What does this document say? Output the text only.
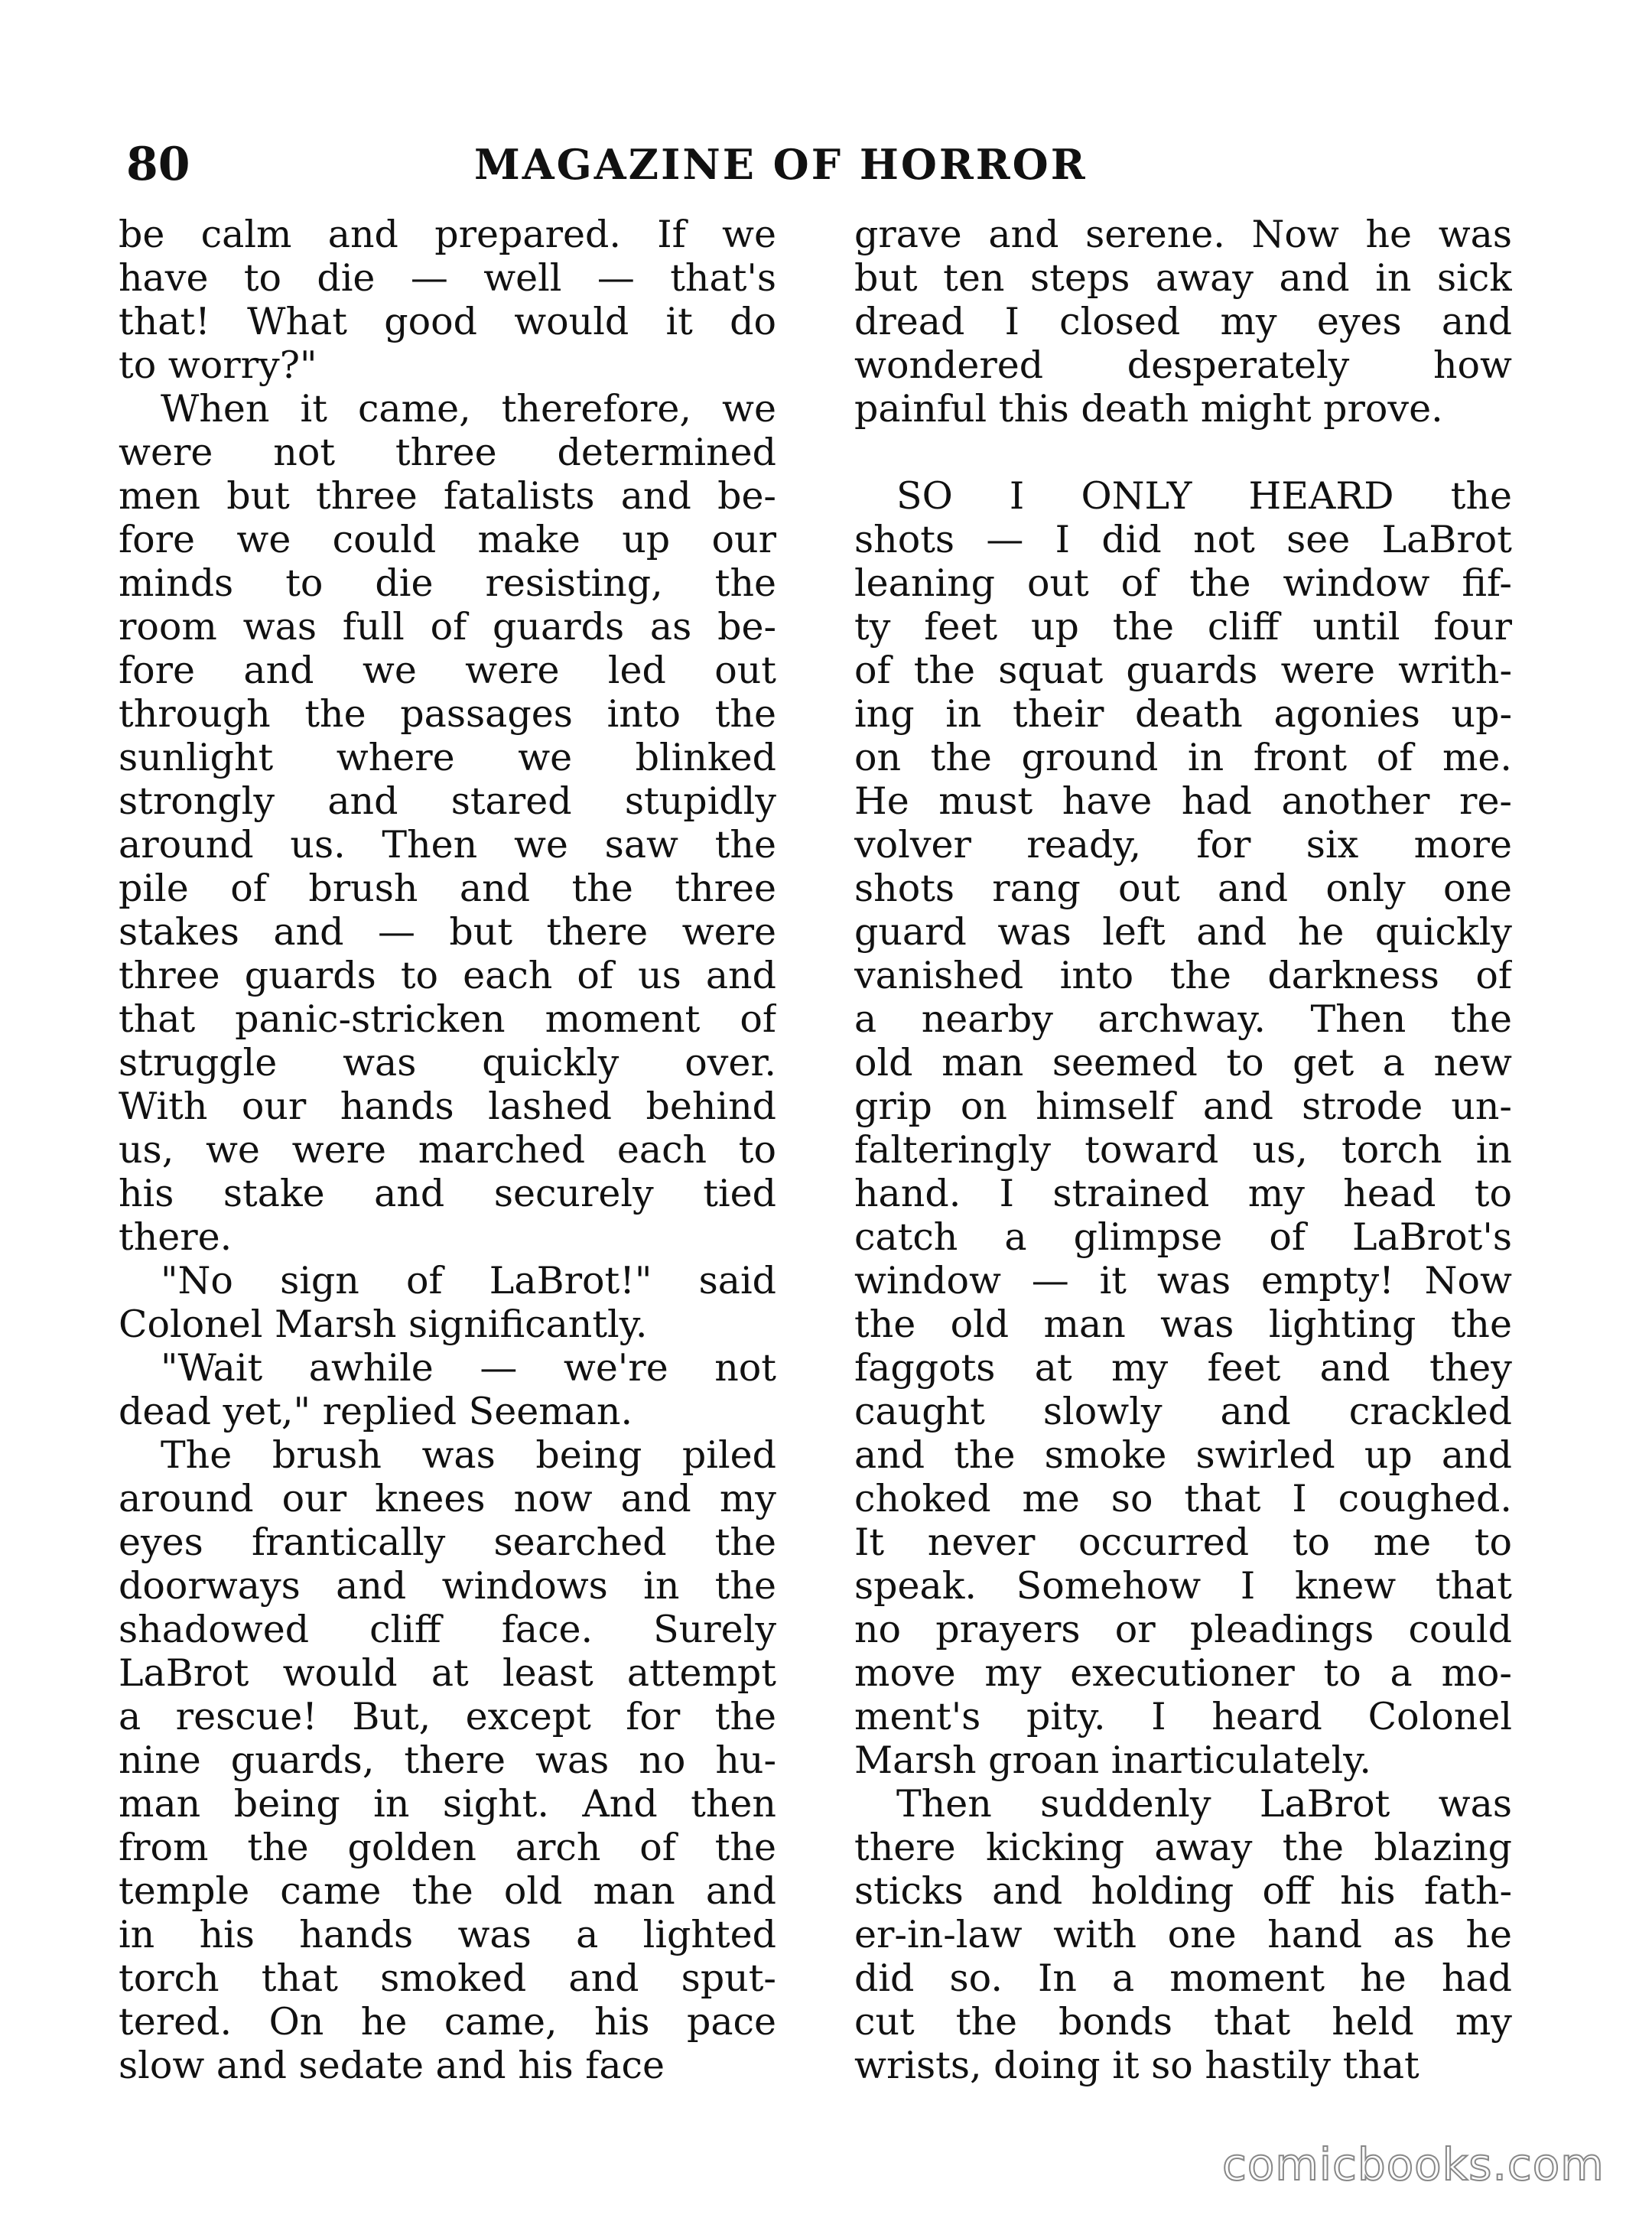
80	MAGAZINE OF HORROR
be calm and prepared. If we
have to die — well — that's
that! What good would it do
to worry?"
When it came, therefore, we
were not three determined
men but three fatalists and be-
fore we could make up our
minds to die resisting, the
room was full of guards as be-
fore and we were led out
through the passages into the
sunlight where we blinked
strongly and stared stupidly
around us. Then we saw the
pile of brush and the three
stakes and — but there were
three guards to each of us and
that panic-stricken moment of
struggle was quickly over.
With our hands lashed behind
us, we were marched each to
his stake and securely tied
there.
"No sign of LaBrot!" said
Colonel Marsh significantly.
"Wait awhile — we're not
dead yet," replied Seeman.
The brush was being piled
around our knees now and my
eyes frantically searched the
doorways and windows in the
shadowed cliff face. Surely
LaBrot would at least attempt
a rescue! But, except for the
nine guards, there was no hu-
man being in sight. And then
from the golden arch of the
temple came the old man and
in his hands was a lighted
torch that smoked and sput-
tered. On he came, his pace
slow and sedate and his face
grave and serene. Now he was
but ten steps away and in sick
dread I closed my eyes and
wondered desperately how
painful this death might prove.
SO I ONLY HEARD the
shots — I did not see LaBrot
leaning out of the window fif-
ty feet up the cliff until four
of the squat guards were writh-
ing in their death agonies up-
on the ground in front of me.
He must have had another re-
volver ready, for six more
shots rang out and only one
guard was left and he quickly
vanished into the darkness of
a nearby archway. Then the
old man seemed to get a new
grip on himself and strode un-
falteringly toward us, torch in
hand. I strained my head to
catch a glimpse of LaBrot's
window — it was empty! Now
the old man was lighting the
faggots at my feet and they
caught slowly and crackled
and the smoke swirled up and
choked me so that I coughed.
It never occurred to me to
speak. Somehow I knew that
no prayers or pleadings could
move my executioner to a mo-
ment's pity. I heard Colonel
Marsh groan inarticulately.
Then suddenly LaBrot was
there kicking away the blazing
sticks and holding off his fath-
er-in-law with one hand as he
did so. In a moment he had
cut the bonds that held my
wrists, doing it so hastily that
comicbooks.com
